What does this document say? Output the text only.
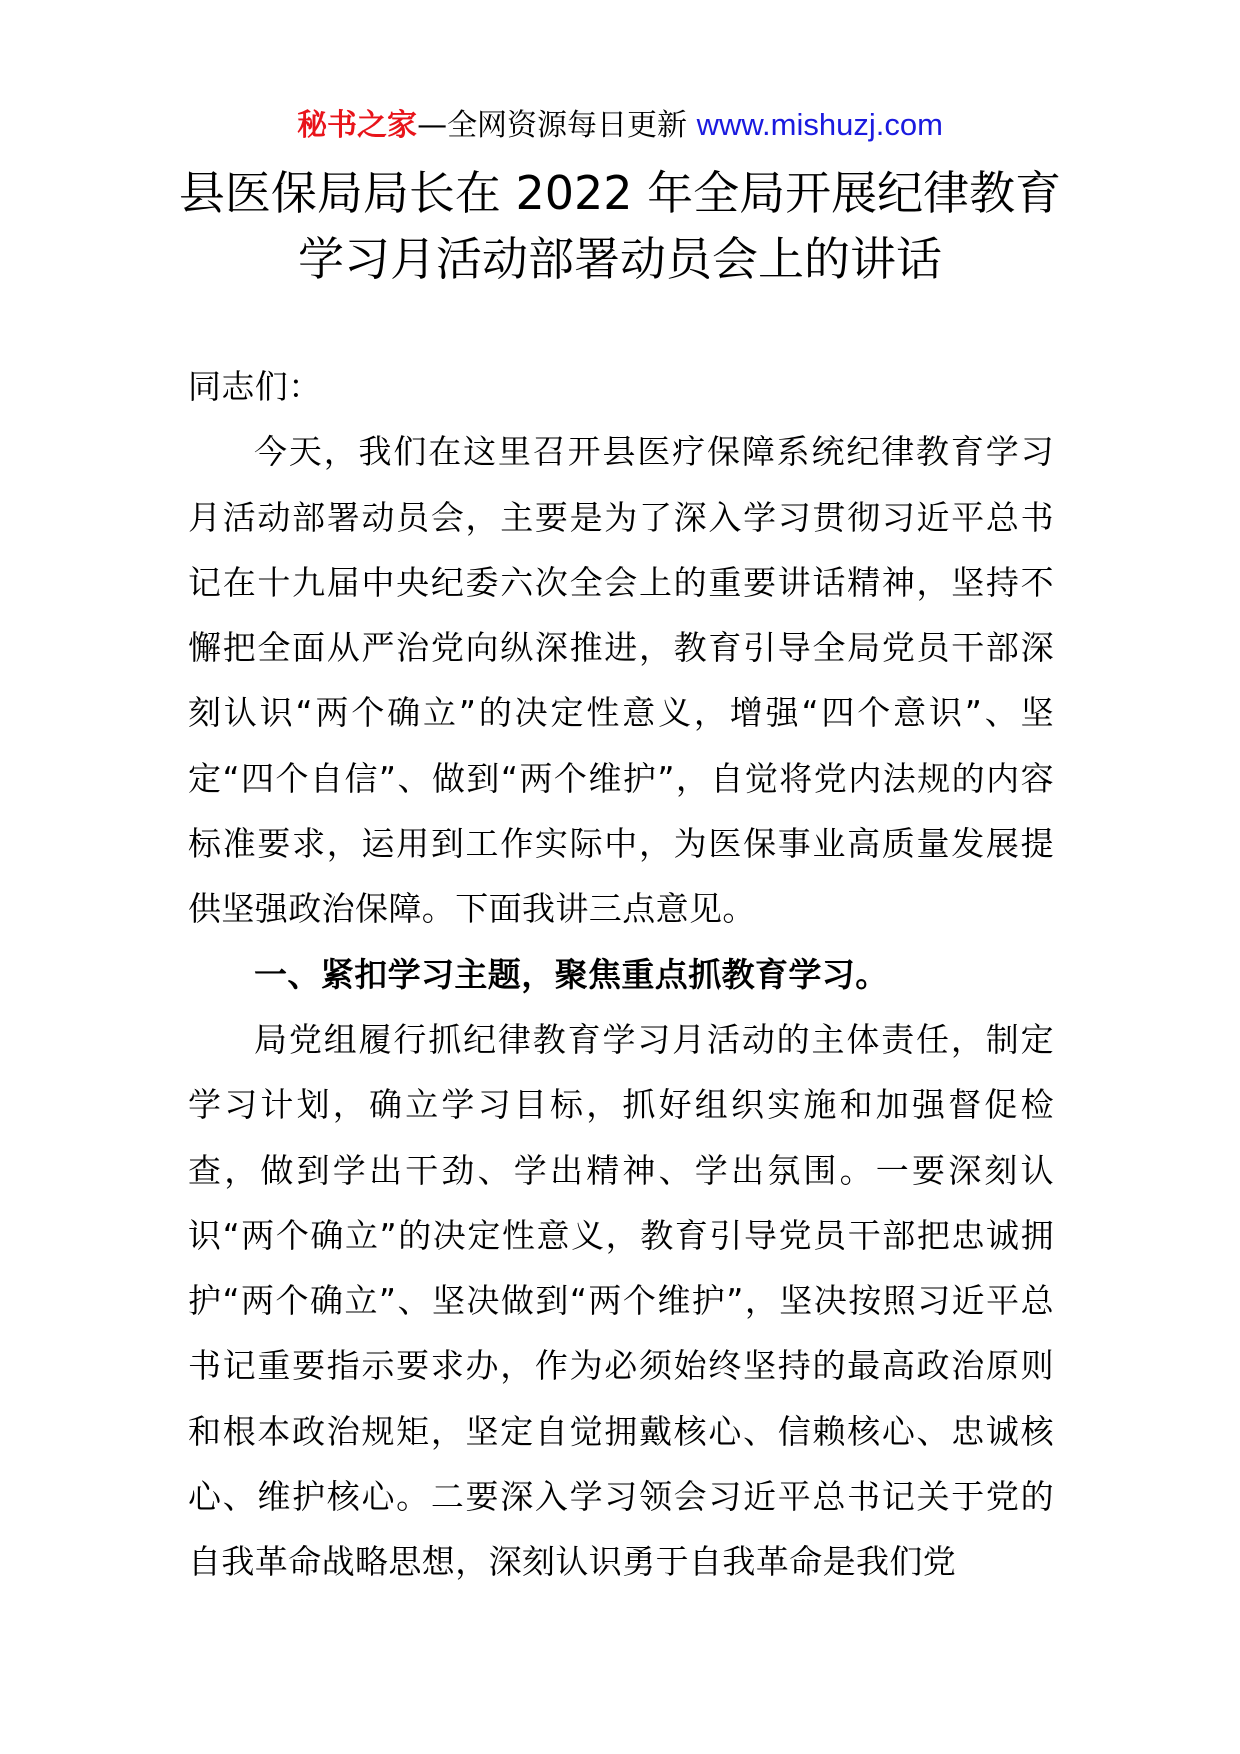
秘书之家—全网资源每日更新 www.mishuzj.com
县医保局局长在 2022 年全局开展纪律教育
学习月活动部署动员会上的讲话

同志们：

今天，我们在这里召开县医疗保障系统纪律教育学习月活动部署动员会，主要是为了深入学习贯彻习近平总书记在十九届中央纪委六次全会上的重要讲话精神，坚持不懈把全面从严治党向纵深推进，教育引导全局党员干部深刻认识“两个确立”的决定性意义，增强“四个意识”、坚定“四个自信”、做到“两个维护”，自觉将党内法规的内容标准要求，运用到工作实际中，为医保事业高质量发展提供坚强政治保障。下面我讲三点意见。

一、紧扣学习主题，聚焦重点抓教育学习。

局党组履行抓纪律教育学习月活动的主体责任，制定学习计划，确立学习目标，抓好组织实施和加强督促检查，做到学出干劲、学出精神、学出氛围。一要深刻认识“两个确立”的决定性意义，教育引导党员干部把忠诚拥护“两个确立”、坚决做到“两个维护”，坚决按照习近平总书记重要指示要求办，作为必须始终坚持的最高政治原则和根本政治规矩，坚定自觉拥戴核心、信赖核心、忠诚核心、维护核心。二要深入学习领会习近平总书记关于党的自我革命战略思想，深刻认识勇于自我革命是我们党
